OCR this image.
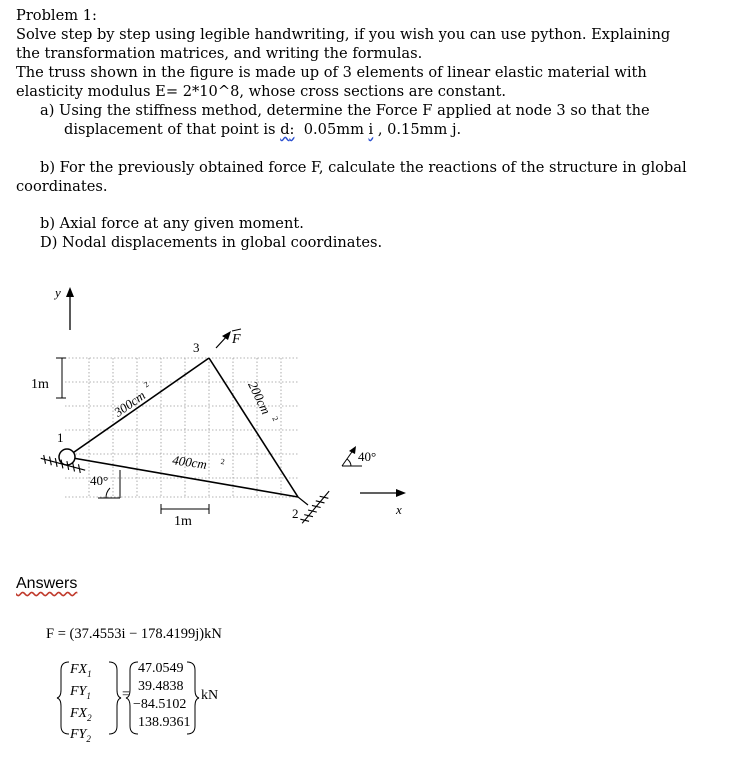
Problem 1:
Solve step by step using legible handwriting, if you wish you can use python. Explaining
the transformation matrices, and writing the formulas.
The truss shown in the figure is made up of 3 elements of linear elastic material with
elasticity modulus E= 2*10^8, whose cross sections are constant.
a) Using the stiffness method, determine the Force F applied at node 3 so that the
displacement of that point is d: 0.05mm i , 0.15mm j.
b) For the previously obtained force F, calculate the reactions of the structure in global
coordinates.
b) Axial force at any given moment.
D) Nodal displacements in global coordinates.
y
1m
1
40°
2
3
F
300cm
2
400cm 2
200cm
2
1m
40°
x
Answers
F = (37.4553i − 178.4199j)kN
$FX_1$
$FY_1$
$FX_2$
$FY_2$
=
47.0549
39.4838
−84.5102
138.9361
kN
